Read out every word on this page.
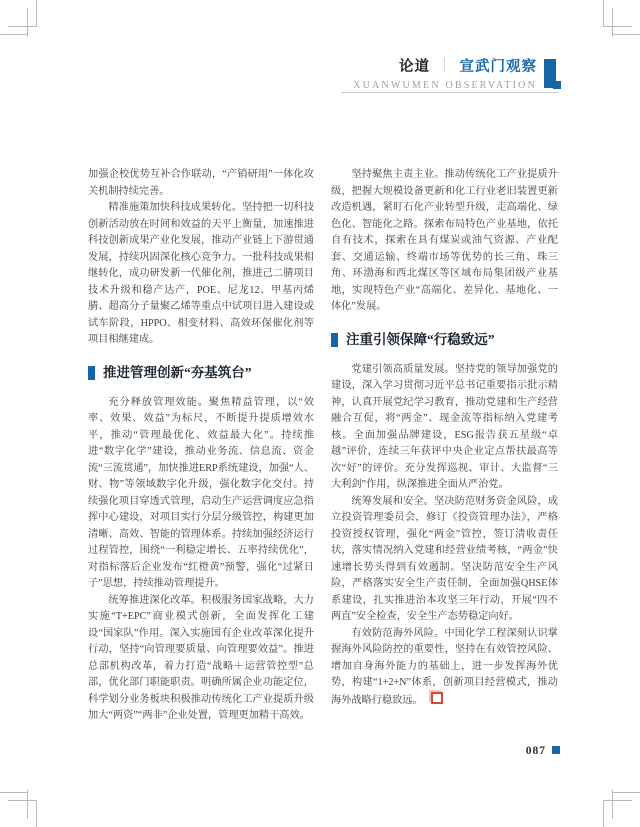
论道 ｜ 宣武门观察
XUANWUMEN OBSERVATION

加强企校优势互补合作联动，“产销研用”一体化攻关机制持续完善。

精准施策加快科技成果转化。坚持把一切科技创新活动放在时间和效益的天平上衡量，加速推进科技创新成果产业化发展，推动产业链上下游贯通发展，持续巩固深化核心竞争力。一批科技成果相继转化，成功研发新一代催化剂，推进己二腈项目技术升级和稳产达产，POE、尼龙12、甲基丙烯腈、超高分子量聚乙烯等重点中试项目进入建设或试车阶段，HPPO、相变材料、高效环保催化剂等项目相继建成。

推进管理创新“夯基筑台”

充分释放管理效能。聚焦精益管理，以“效率、效果、效益”为标尺，不断提升提质增效水平，推动“管理最优化、效益最大化”。持续推进“数字化学”建设，推动业务流、信息流、资金流“三流贯通”，加快推进ERP系统建设，加强“人、财、物”等领域数字化升级，强化数字化交付。持续强化项目穿透式管理，启动生产运营调度应急指挥中心建设，对项目实行分层分级管控，构建更加清晰、高效、智能的管理体系。持续加强经济运行过程管控，围绕“一利稳定增长、五率持续优化”，对指标落后企业发布“红橙黄”预警，强化“过紧日子”思想，持续推动管理提升。

统筹推进深化改革。积极服务国家战略，大力实施“T+EPC”商业模式创新，全面发挥化工建设“国家队”作用。深入实施国有企业改革深化提升行动，坚持“向管理要质量、向管理要效益”。推进总部机构改革，着力打造“战略＋运营管控型”总部，优化部门职能职责。明确所属企业功能定位，科学划分业务板块积极推动传统化工产业提质升级加大“两资”“两非”企业处置，管理更加精干高效。

坚持聚焦主责主业。推动传统化工产业提质升级，把握大规模设备更新和化工行业老旧装置更新改造机遇，紧盯石化产业转型升级，走高端化、绿色化、智能化之路。探索布局特色产业基地，依托自有技术，探索在具有煤炭或油气资源、产业配套、交通运输、终端市场等优势的长三角、珠三角、环渤海和西北煤区等区域布局集团级产业基地，实现特色产业“高端化、差异化、基地化、一体化”发展。

注重引领保障“行稳致远”

党建引领高质量发展。坚持党的领导加强党的建设，深入学习贯彻习近平总书记重要指示批示精神，认真开展党纪学习教育，推动党建和生产经营融合互促，将“两金”、现金流等指标纳入党建考核。全面加强品牌建设，ESG报告获五星级“卓越”评价，连续三年获评中央企业定点帮扶最高等次“好”的评价。充分发挥巡视、审计、大监督“三大利剑”作用，纵深推进全面从严治党。

统筹发展和安全。坚决防范财务资金风险，成立投资管理委员会，修订《投资管理办法》，严格投资授权管理，强化“两金”管控，签订清收责任状，落实情况纳入党建和经营业绩考核，“两金”快速增长势头得到有效遏制。坚决防范安全生产风险，严格落实安全生产责任制，全面加强QHSE体系建设，扎实推进治本攻坚三年行动，开展“四不两直”安全检查，安全生产态势稳定向好。

有效防范海外风险。中国化学工程深刻认识掌握海外风险防控的重要性，坚持在有效管控风险、增加自身海外能力的基础上，进一步发挥海外优势，构建“1+2+N”体系，创新项目经营模式，推动海外战略行稳致远。

087
